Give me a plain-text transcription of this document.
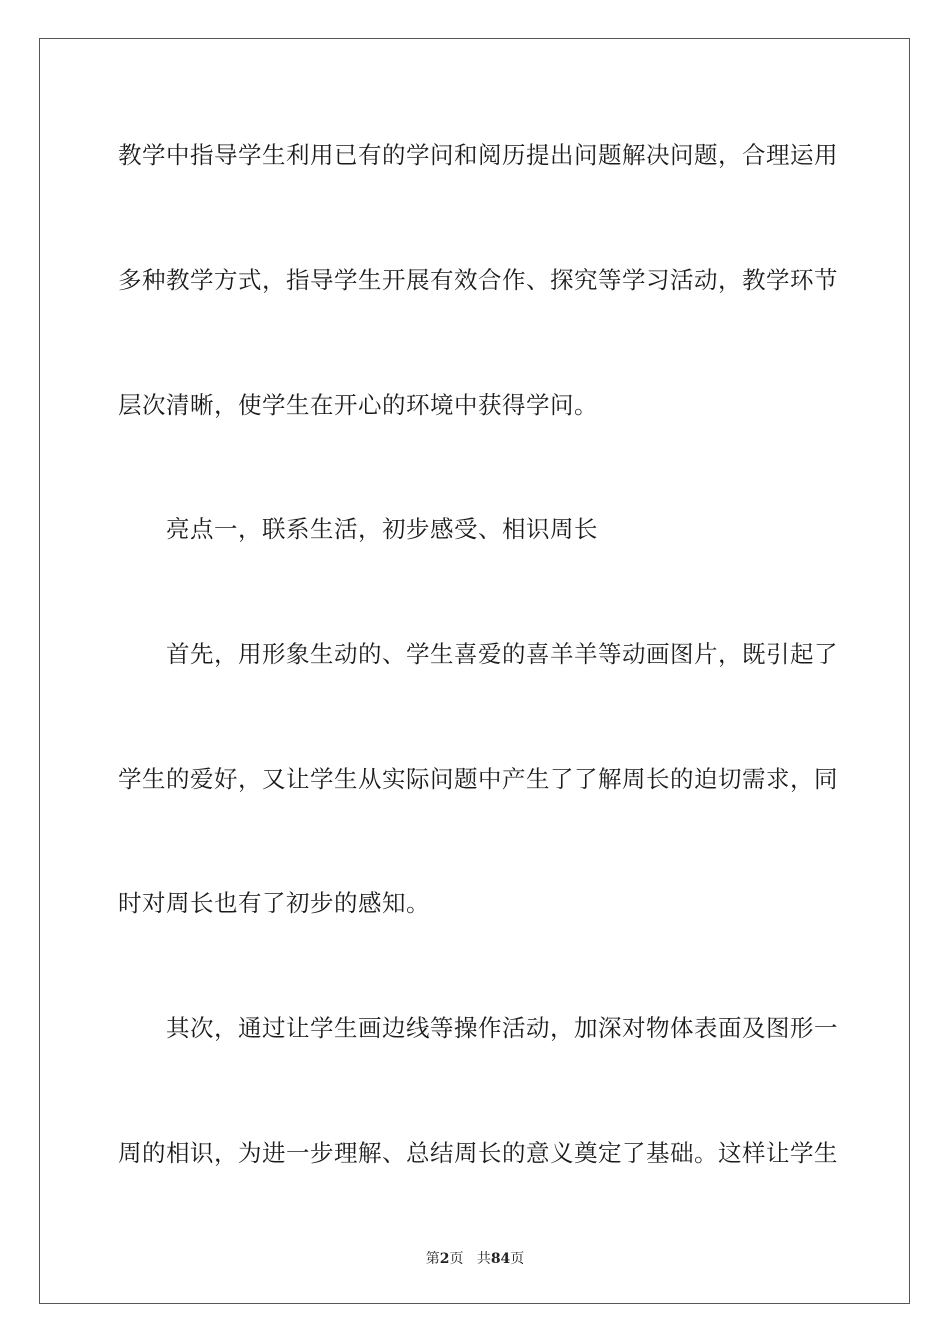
教学中指导学生利用已有的学问和阅历提出问题解决问题，合理运用
多种教学方式，指导学生开展有效合作、探究等学习活动，教学环节
层次清晰，使学生在开心的环境中获得学问。
亮点一，联系生活，初步感受、相识周长
首先，用形象生动的、学生喜爱的喜羊羊等动画图片，既引起了
学生的爱好，又让学生从实际问题中产生了了解周长的迫切需求，同
时对周长也有了初步的感知。
其次，通过让学生画边线等操作活动，加深对物体表面及图形一
周的相识，为进一步理解、总结周长的意义奠定了基础。这样让学生
第2页 共84页
